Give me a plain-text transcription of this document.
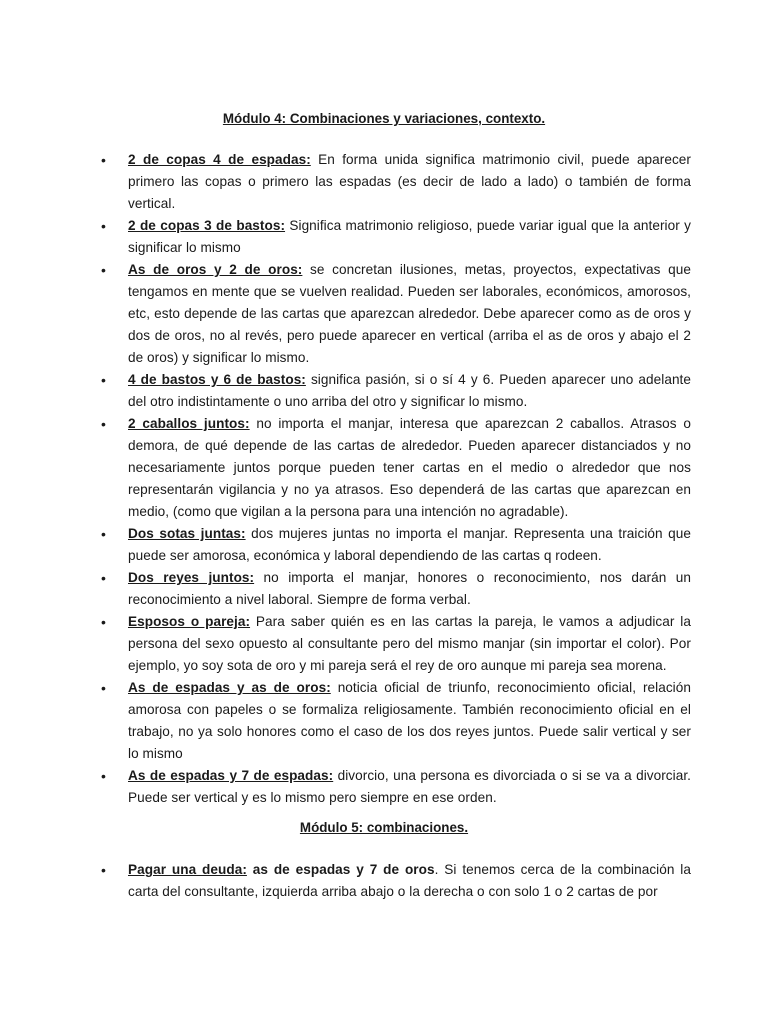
Módulo 4: Combinaciones y variaciones, contexto.
• 2 de copas 4 de espadas: En forma unida significa matrimonio civil, puede aparecer primero las copas o primero las espadas (es decir de lado a lado) o también de forma vertical.
• 2 de copas 3 de bastos: Significa matrimonio religioso, puede variar igual que la anterior y significar lo mismo
• As de oros y 2 de oros: se concretan ilusiones, metas, proyectos, expectativas que tengamos en mente que se vuelven realidad. Pueden ser laborales, económicos, amorosos, etc, esto depende de las cartas que aparezcan alrededor. Debe aparecer como as de oros y dos de oros, no al revés, pero puede aparecer en vertical (arriba el as de oros y abajo el 2 de oros) y significar lo mismo.
• 4 de bastos y 6 de bastos: significa pasión, si o sí 4 y 6. Pueden aparecer uno adelante del otro indistintamente o uno arriba del otro y significar lo mismo.
• 2 caballos juntos: no importa el manjar, interesa que aparezcan 2 caballos. Atrasos o demora, de qué depende de las cartas de alrededor. Pueden aparecer distanciados y no necesariamente juntos porque pueden tener cartas en el medio o alrededor que nos representarán vigilancia y no ya atrasos. Eso dependerá de las cartas que aparezcan en medio, (como que vigilan a la persona para una intención no agradable).
• Dos sotas juntas: dos mujeres juntas no importa el manjar. Representa una traición que puede ser amorosa, económica y laboral dependiendo de las cartas q rodeen.
• Dos reyes juntos: no importa el manjar, honores o reconocimiento, nos darán un reconocimiento a nivel laboral. Siempre de forma verbal.
• Esposos o pareja: Para saber quién es en las cartas la pareja, le vamos a adjudicar la persona del sexo opuesto al consultante pero del mismo manjar (sin importar el color). Por ejemplo, yo soy sota de oro y mi pareja será el rey de oro aunque mi pareja sea morena.
• As de espadas y as de oros: noticia oficial de triunfo, reconocimiento oficial, relación amorosa con papeles o se formaliza religiosamente. También reconocimiento oficial en el trabajo, no ya solo honores como el caso de los dos reyes juntos. Puede salir vertical y ser lo mismo
• As de espadas y 7 de espadas: divorcio, una persona es divorciada o si se va a divorciar. Puede ser vertical y es lo mismo pero siempre en ese orden.
Módulo 5: combinaciones.
• Pagar una deuda: as de espadas y 7 de oros. Si tenemos cerca de la combinación la carta del consultante, izquierda arriba abajo o la derecha o con solo 1 o 2 cartas de por
